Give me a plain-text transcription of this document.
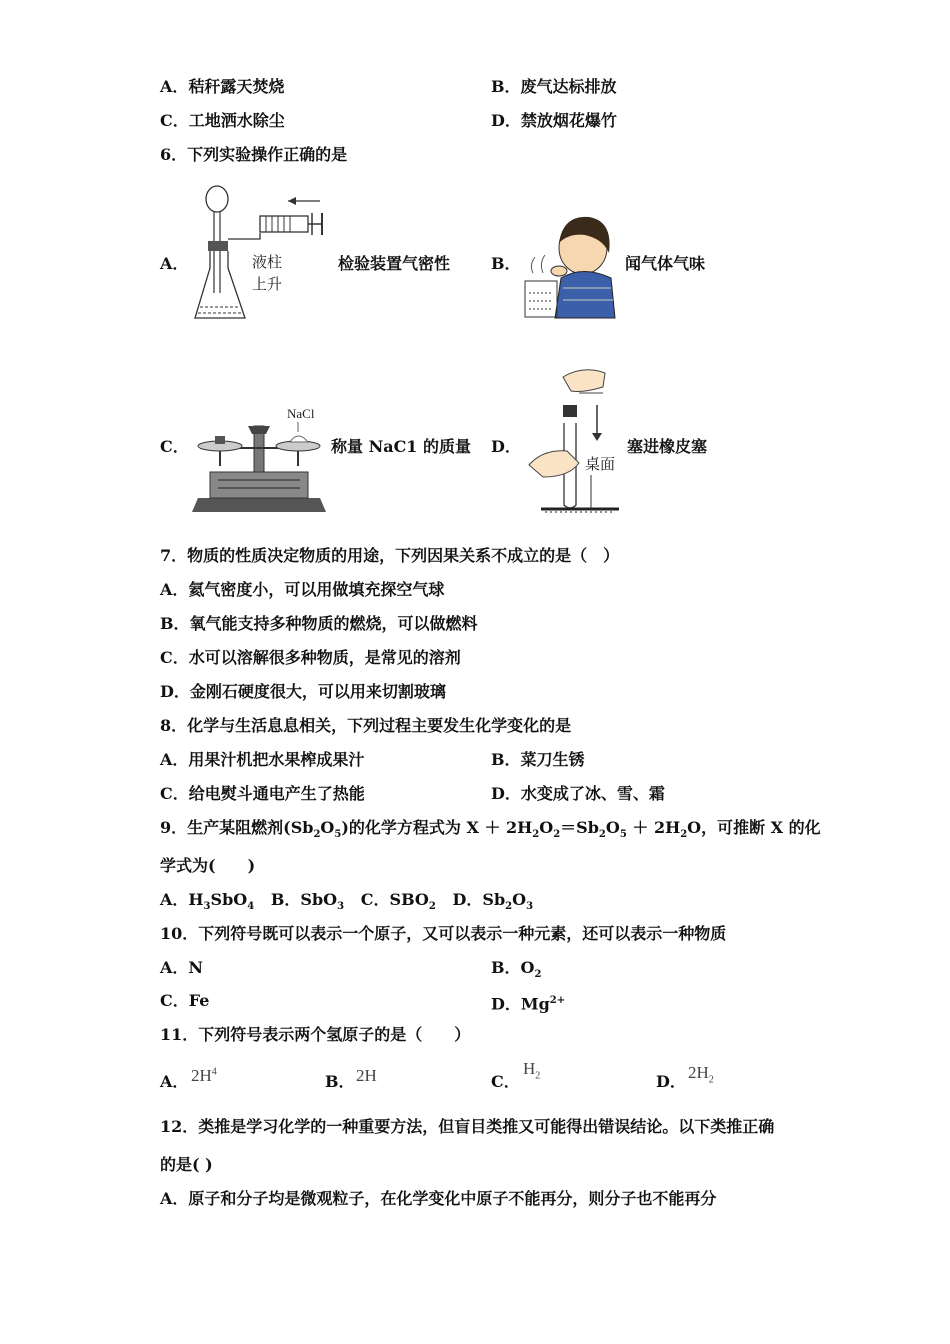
A．秸秆露天焚烧	B．废气达标排放
C．工地洒水除尘	D．禁放烟花爆竹
6．下列实验操作正确的是
A．	液柱
上升
检验装置气密性	B．	闻气体气味
C．
NaCl
称量 NaC1 的质量 D．
桌面
塞进橡皮塞
7．物质的性质决定物质的用途，下列因果关系不成立的是（　）
A．氦气密度小，可以用做填充探空气球
B．氧气能支持多种物质的燃烧，可以做燃料
C．水可以溶解很多种物质，是常见的溶剂
D．金刚石硬度很大，可以用来切割玻璃
8．化学与生活息息相关，下列过程主要发生化学变化的是
A．用果汁机把水果榨成果汁	B．菜刀生锈
C．给电熨斗通电产生了热能	D．水变成了冰、雪、霜
9．生产某阻燃剂$(Sb_2O_5)$的化学方程式为 $X + 2H_2O_2=Sb_2O_5 + 2H_2O$，可推断 X 的化
学式为(　　)
A．$H_3SbO_4$ B．SbO$_3$ C．$SBO_2$ D．$Sb_2O_3$
10．下列符号既可以表示一个原子，又可以表示一种元素，还可以表示一种物质
A．N	B．$O_2$
C．Fe	D．$Mg^{2+}$
11．下列符号表示两个氢原子的是（　　）
A． $2H^4$
B． 2H	C．
$H_2$	D． $2H_2$
12．类推是学习化学的一种重要方法，但盲目类推又可能得出错误结论。以下类推正确
的是( )
A．原子和分子均是微观粒子，在化学变化中原子不能再分，则分子也不能再分
